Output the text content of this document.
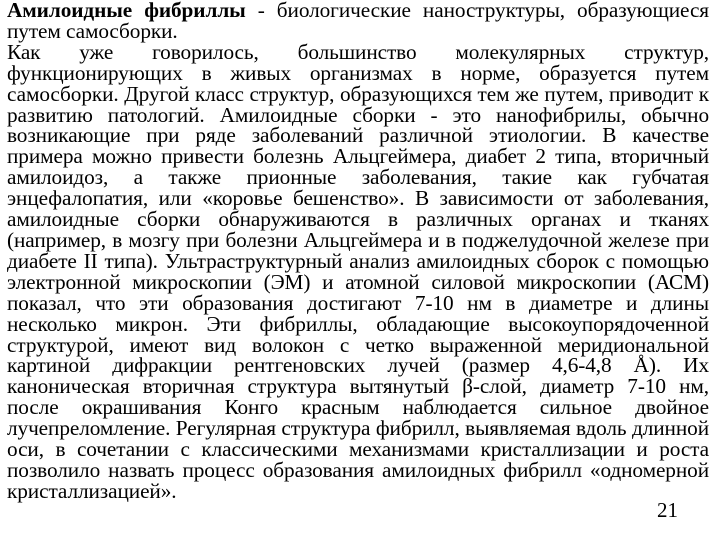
Амилоидные фибриллы - биологические наноструктуры, образующиеся путем самосборки.

Как уже говорилось, большинство молекулярных структур, функционирующих в живых организмах в норме, образуется путем самосборки. Другой класс структур, образующихся тем же путем, приводит к развитию патологий. Амилоидные сборки - это нанофибрилы, обычно возникающие при ряде заболеваний различной этиологии. В качестве примера можно привести болезнь Альцгеймера, диабет 2 типа, вторичный амилоидоз, а также прионные заболевания, такие как губчатая энцефалопатия, или «коровье бешенство». В зависимости от заболевания, амилоидные сборки обнаруживаются в различных органах и тканях (например, в мозгу при болезни Альцгеймера и в поджелудочной железе при диабете II типа). Ультраструктурный анализ амилоидных сборок с помощью электронной микроскопии (ЭМ) и атомной силовой микроскопии (АСМ) показал, что эти образования достигают 7-10 нм в диаметре и длины несколько микрон. Эти фибриллы, обладающие высокоупорядоченной структурой, имеют вид волокон с четко выраженной меридиональной картиной дифракции рентгеновских лучей (размер 4,6-4,8 Å). Их каноническая вторичная структура вытянутый β-слой, диаметр 7-10 нм, после окрашивания Конго красным наблюдается сильное двойное лучепреломление. Регулярная структура фибрилл, выявляемая вдоль длинной оси, в сочетании с классическими механизмами кристаллизации и роста позволило назвать процесс образования амилоидных фибрилл «одномерной кристаллизацией».

21
